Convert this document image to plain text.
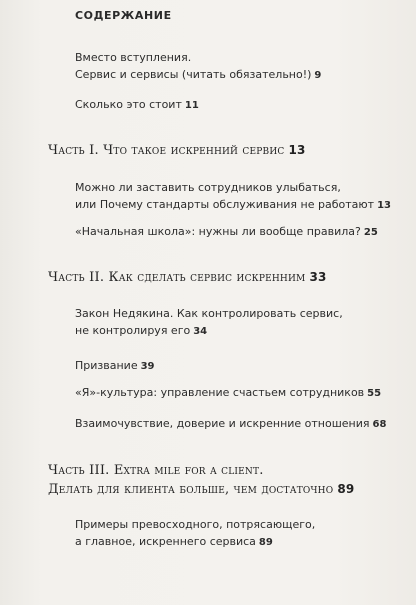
СОДЕРЖАНИЕ
Вместо вступления.
Сервис и сервисы (читать обязательно!) 9
Сколько это стоит 11
Часть I. Что такое искренний сервис 13
Можно ли заставить сотрудников улыбаться,
или Почему стандарты обслуживания не работают 13
«Начальная школа»: нужны ли вообще правила? 25
Часть II. Как сделать сервис искренним 33
Закон Недякина. Как контролировать сервис,
не контролируя его 34
Призвание 39
«Я»-культура: управление счастьем сотрудников 55
Взаимочувствие, доверие и искренние отношения 68
Часть III. Extra mile for a client.
Делать для клиента больше, чем достаточно 89
Примеры превосходного, потрясающего,
а главное, искреннего сервиса 89
